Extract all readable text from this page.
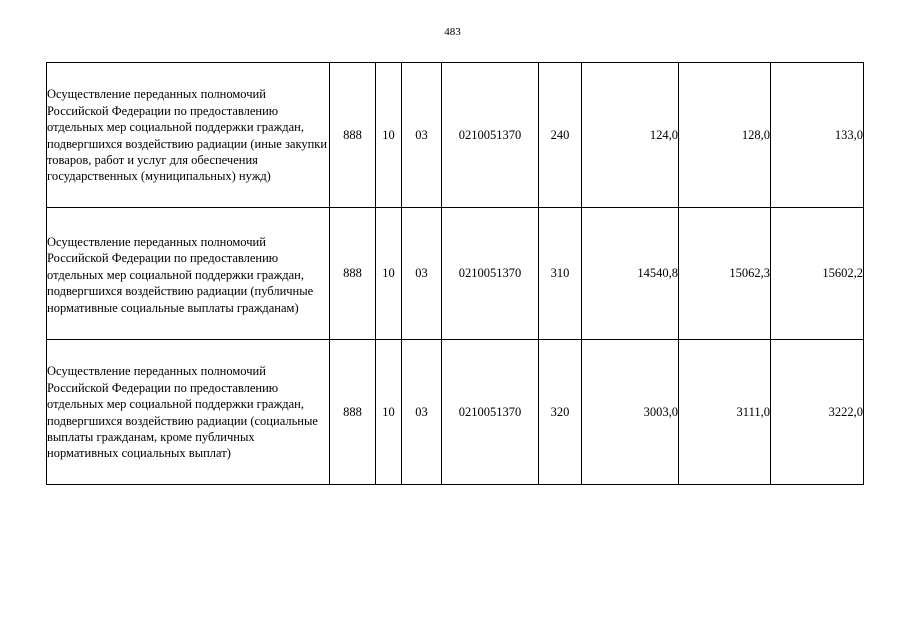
483
Осуществление переданных полномочий Российской Федерации по предоставлению отдельных мер социальной поддержки граждан, подвергшихся воздействию радиации (иные закупки товаров, работ и услуг для обеспечения государственных (муниципальных) нужд)	888	10	03	0210051370	240	124,0	128,0	133,0
Осуществление переданных полномочий Российской Федерации по предоставлению отдельных мер социальной поддержки граждан, подвергшихся воздействию радиации (публичные нормативные социальные выплаты гражданам)	888	10	03	0210051370	310	14540,8	15062,3	15602,2
Осуществление переданных полномочий Российской Федерации по предоставлению отдельных мер социальной поддержки граждан, подвергшихся воздействию радиации (социальные выплаты гражданам, кроме публичных нормативных социальных выплат)	888	10	03	0210051370	320	3003,0	3111,0	3222,0
